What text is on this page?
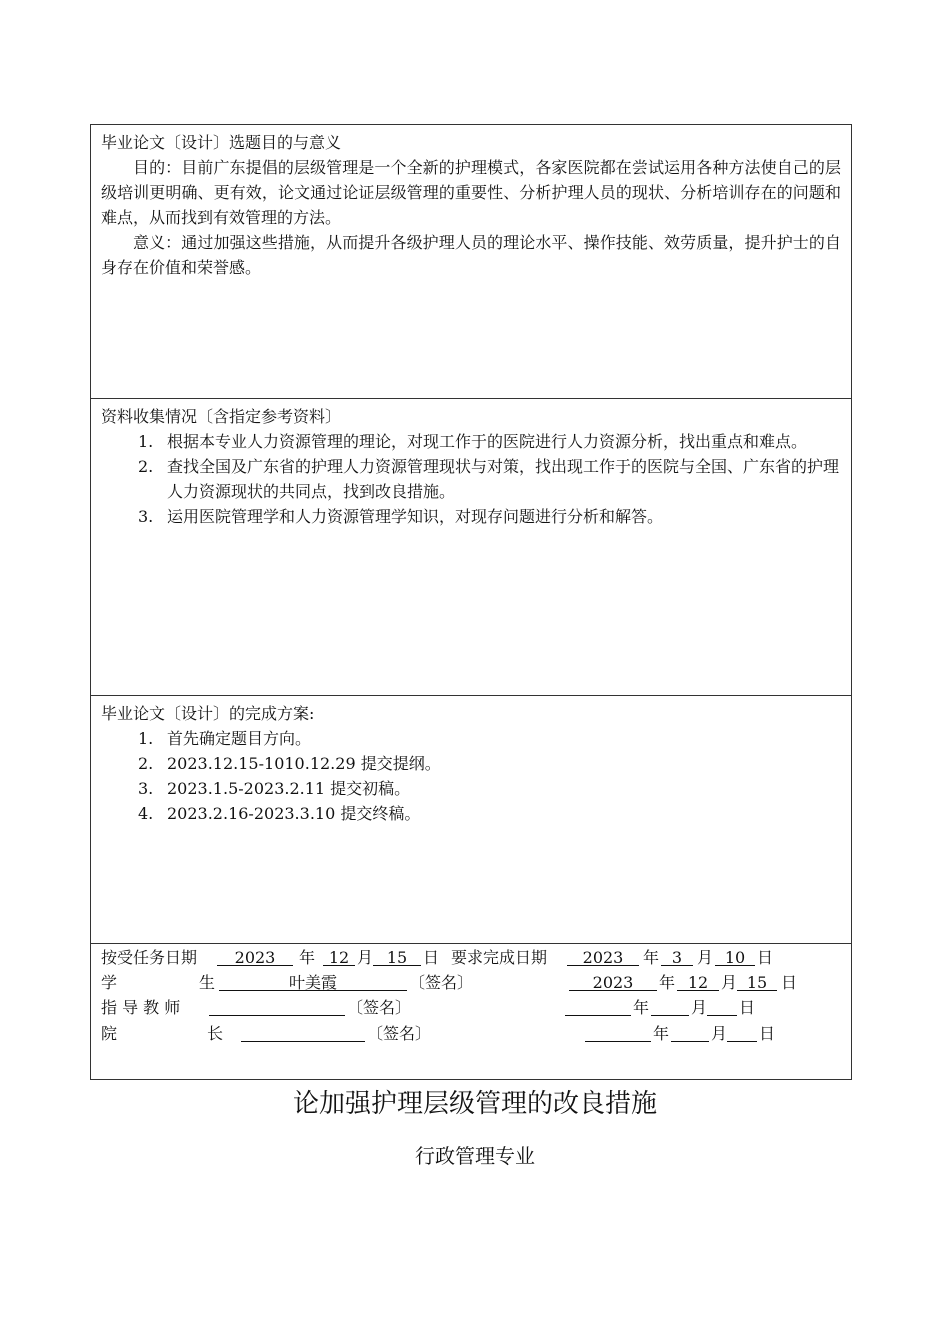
毕业论文〔设计〕选题目的与意义
目的：目前广东提倡的层级管理是一个全新的护理模式，各家医院都在尝试运用各种方法使自己的层级培训更明确、更有效，论文通过论证层级管理的重要性、分析护理人员的现状、分析培训存在的问题和难点，从而找到有效管理的方法。
意义：通过加强这些措施，从而提升各级护理人员的理论水平、操作技能、效劳质量，提升护士的自身存在价值和荣誉感。
资料收集情况〔含指定参考资料〕
1. 根据本专业人力资源管理的理论，对现工作于的医院进行人力资源分析，找出重点和难点。
2. 查找全国及广东省的护理人力资源管理现状与对策，找出现工作于的医院与全国、广东省的护理人力资源现状的共同点，找到改良措施。
3. 运用医院管理学和人力资源管理学知识，对现存问题进行分析和解答。
毕业论文〔设计〕的完成方案:
1. 首先确定题目方向。
2. 2023.12.15-1010.12.29 提交提纲。
3. 2023.1.5-2023.2.11 提交初稿。
4. 2023.2.16-2023.3.10 提交终稿。
按受任务日期	2023	年 12 月 15 日 要求完成日期	2023	年 3 月 10 日
学	生	叶美霞	〔签名〕	2023	年 12 月 15 日
指 导 教 师	〔签名〕	年	月 日
院	长	〔签名〕	年	月 日
论加强护理层级管理的改良措施
行政管理专业
